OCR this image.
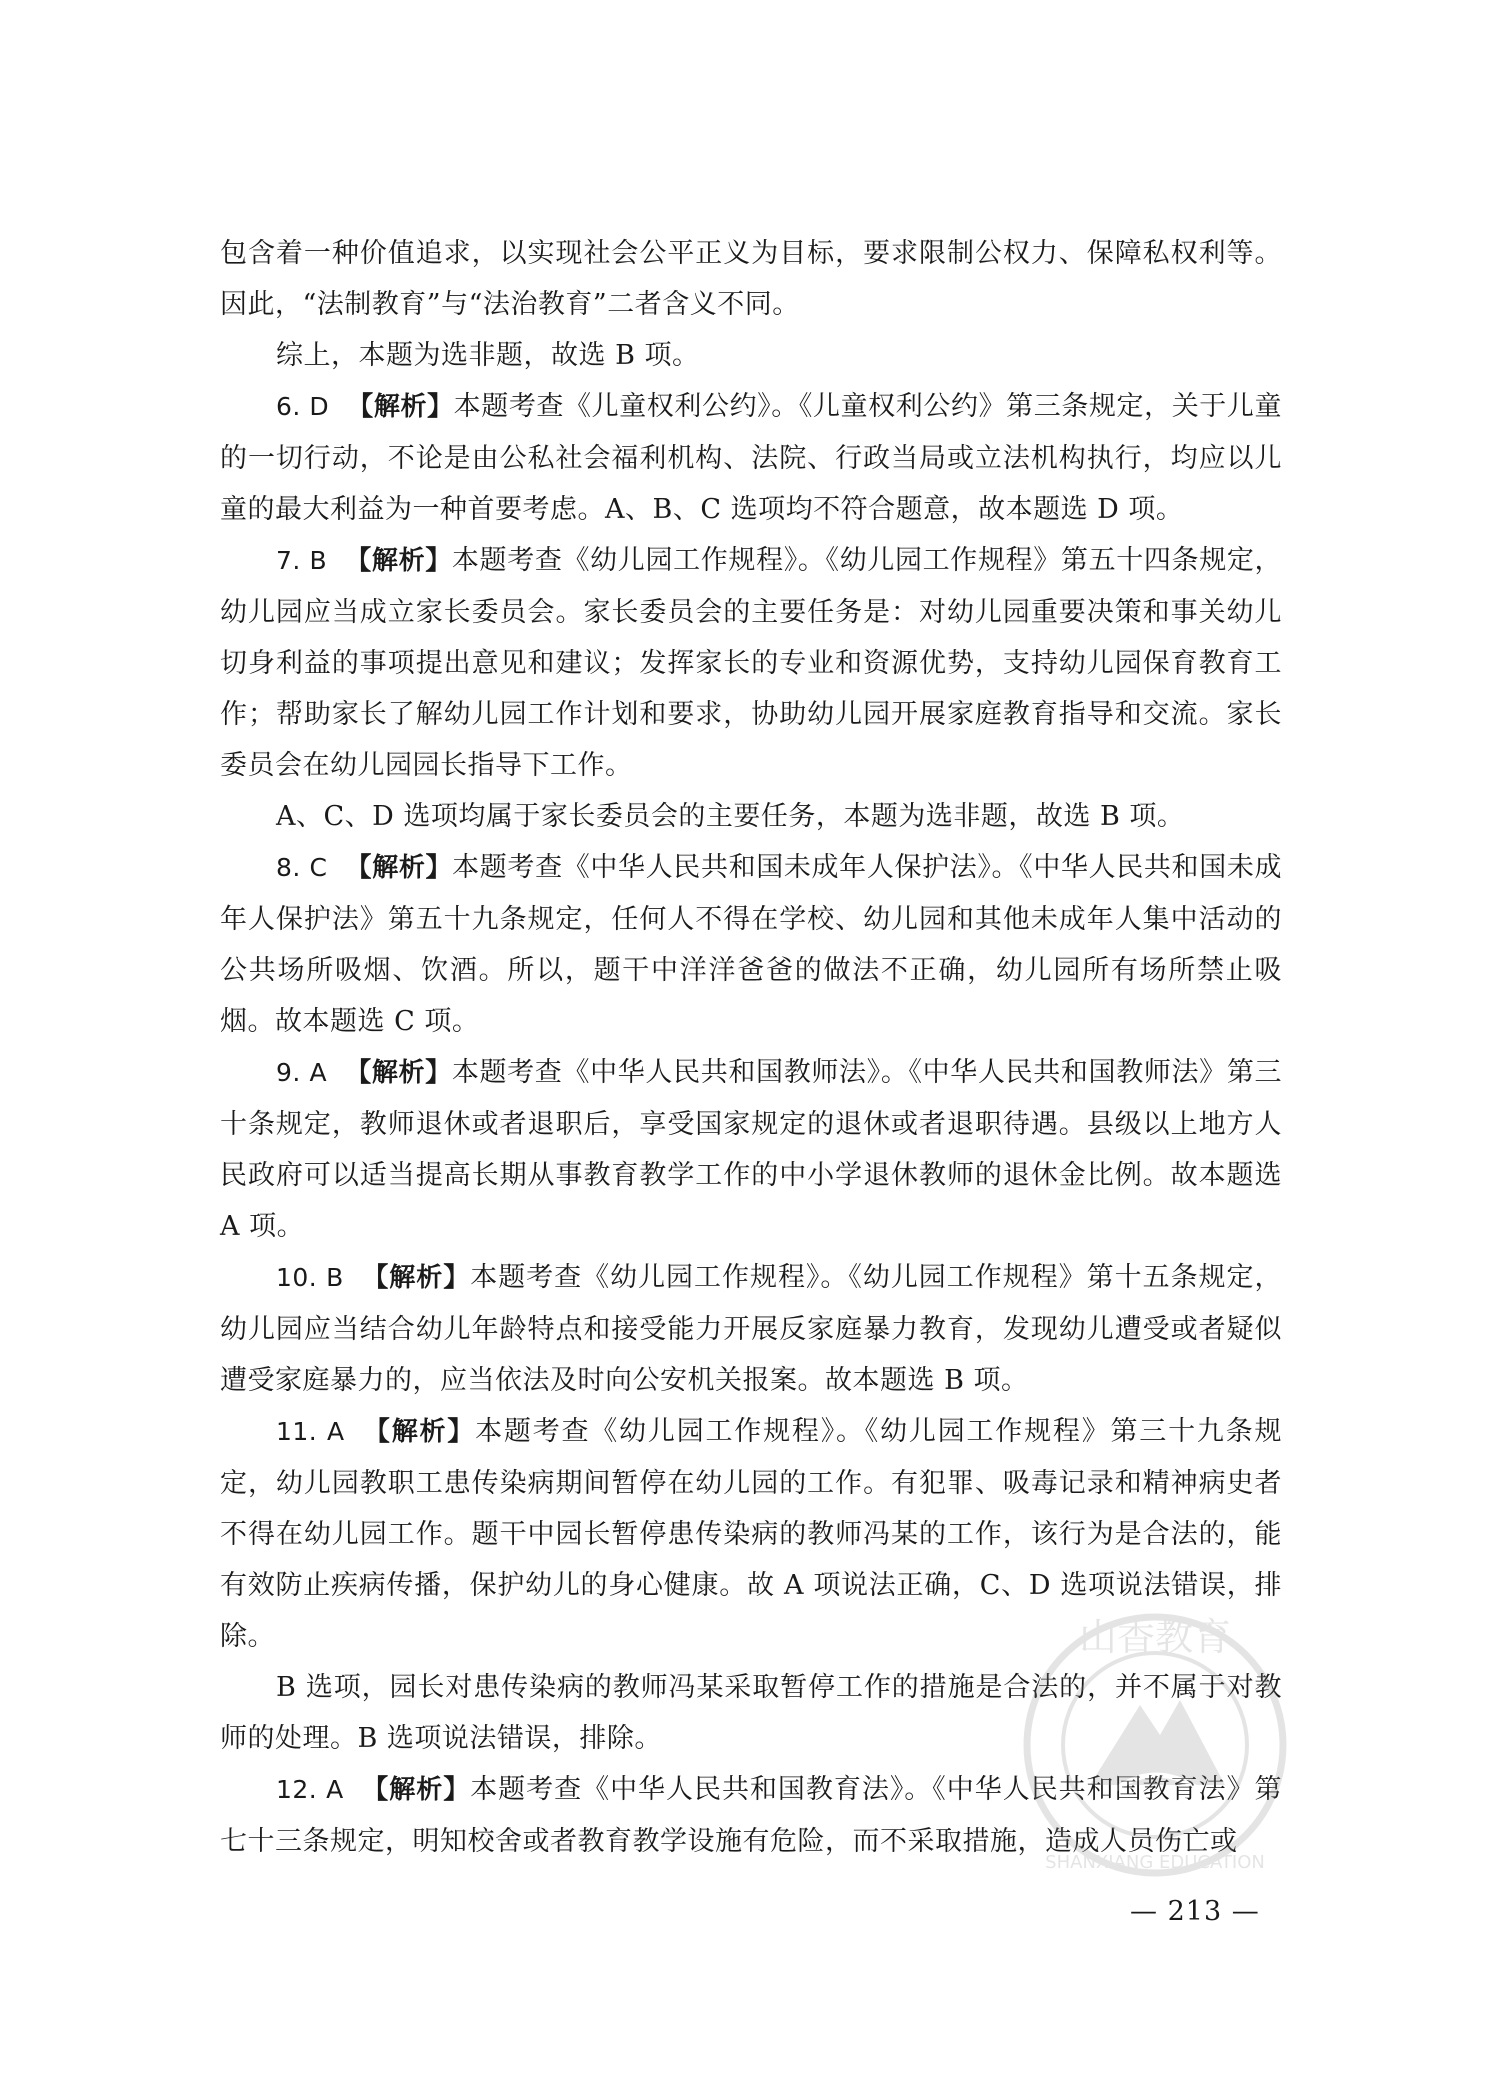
包含着一种价值追求，以实现社会公平正义为目标，要求限制公权力、保障私权利等。因此，“法制教育”与“法治教育”二者含义不同。

综上，本题为选非题，故选 B 项。

6. D 【解析】本题考查《儿童权利公约》。《儿童权利公约》第三条规定，关于儿童的一切行动，不论是由公私社会福利机构、法院、行政当局或立法机构执行，均应以儿童的最大利益为一种首要考虑。A、B、C 选项均不符合题意，故本题选 D 项。

7. B 【解析】本题考查《幼儿园工作规程》。《幼儿园工作规程》第五十四条规定，幼儿园应当成立家长委员会。家长委员会的主要任务是：对幼儿园重要决策和事关幼儿切身利益的事项提出意见和建议；发挥家长的专业和资源优势，支持幼儿园保育教育工作；帮助家长了解幼儿园工作计划和要求，协助幼儿园开展家庭教育指导和交流。家长委员会在幼儿园园长指导下工作。

A、C、D 选项均属于家长委员会的主要任务，本题为选非题，故选 B 项。

8. C 【解析】本题考查《中华人民共和国未成年人保护法》。《中华人民共和国未成年人保护法》第五十九条规定，任何人不得在学校、幼儿园和其他未成年人集中活动的公共场所吸烟、饮酒。所以，题干中洋洋爸爸的做法不正确，幼儿园所有场所禁止吸烟。故本题选 C 项。

9. A 【解析】本题考查《中华人民共和国教师法》。《中华人民共和国教师法》第三十条规定，教师退休或者退职后，享受国家规定的退休或者退职待遇。县级以上地方人民政府可以适当提高长期从事教育教学工作的中小学退休教师的退休金比例。故本题选 A 项。

10. B 【解析】本题考查《幼儿园工作规程》。《幼儿园工作规程》第十五条规定，幼儿园应当结合幼儿年龄特点和接受能力开展反家庭暴力教育，发现幼儿遭受或者疑似遭受家庭暴力的，应当依法及时向公安机关报案。故本题选 B 项。

11. A 【解析】本题考查《幼儿园工作规程》。《幼儿园工作规程》第三十九条规定，幼儿园教职工患传染病期间暂停在幼儿园的工作。有犯罪、吸毒记录和精神病史者不得在幼儿园工作。题干中园长暂停患传染病的教师冯某的工作，该行为是合法的，能有效防止疾病传播，保护幼儿的身心健康。故 A 项说法正确，C、D 选项说法错误，排除。

B 选项，园长对患传染病的教师冯某采取暂停工作的措施是合法的，并不属于对教师的处理。B 选项说法错误，排除。

12. A 【解析】本题考查《中华人民共和国教育法》。《中华人民共和国教育法》第七十三条规定，明知校舍或者教育教学设施有危险，而不采取措施，造成人员伤亡或

— 213 —
山香教育
SHANXIANG EDUCATION
